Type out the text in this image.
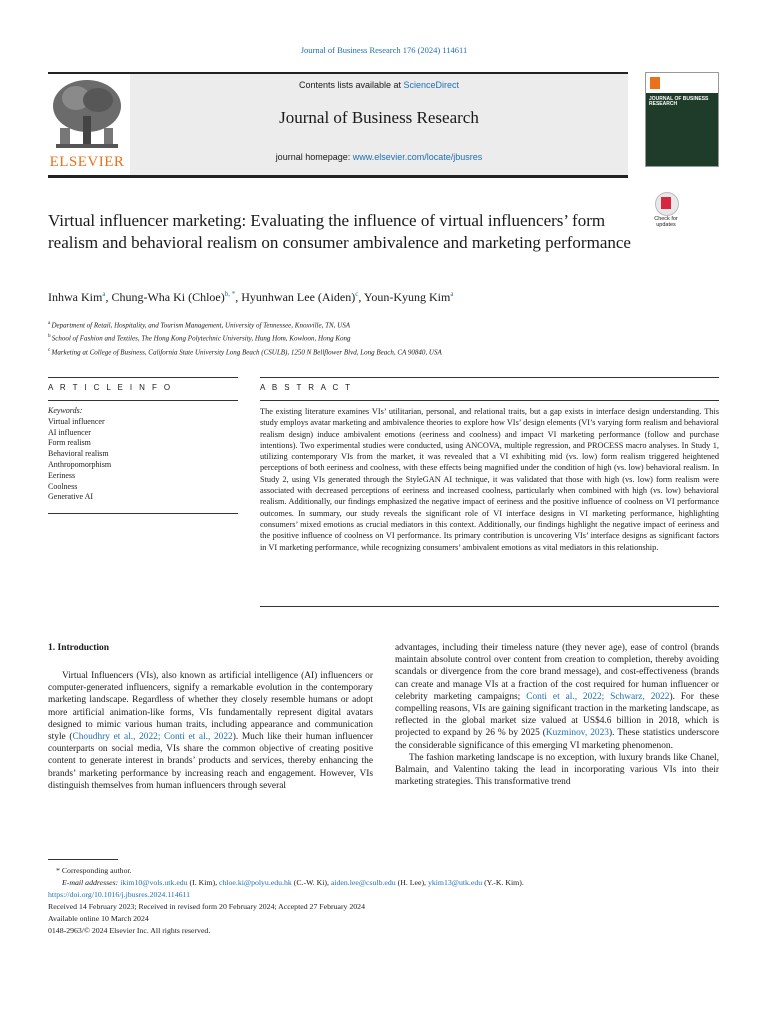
Journal of Business Research 176 (2024) 114611
ELSEVIER
Contents lists available at ScienceDirect
Journal of Business Research
journal homepage: www.elsevier.com/locate/jbusres
JOURNAL OF BUSINESS RESEARCH
Check for
updates
Virtual influencer marketing: Evaluating the influence of virtual influencers’ form realism and behavioral realism on consumer ambivalence and marketing performance
Inhwa Kim$^a$, Chung-Wha Ki (Chloe)$^{b, *}$, Hyunhwan Lee (Aiden)$^c$, Youn-Kyung Kim$^a$
$^a$ Department of Retail, Hospitality, and Tourism Management, University of Tennessee, Knoxville, TN, USA
$^b$ School of Fashion and Textiles, The Hong Kong Polytechnic University, Hung Hom, Kowloon, Hong Kong
$^c$ Marketing at College of Business, California State University Long Beach (CSULB), 1250 N Bellflower Blvd, Long Beach, CA 90840, USA
A R T I C L E I N F O	A B S T R A C T
Keywords:
Virtual influencer
AI influencer
Form realism
Behavioral realism
Anthropomorphism
Eeriness
Coolness
Generative AI
The existing literature examines VIs’ utilitarian, personal, and relational traits, but a gap exists in interface design understanding. This study employs avatar marketing and ambivalence theories to explore how VIs’ design elements (VI’s varying form realism and behavioral realism design) induce ambivalent emotions (eeriness and coolness) and impact VI marketing performance (follow and purchase intentions). Two experimental studies were conducted, using ANCOVA, multiple regression, and PROCESS macro analyses. In Study 1, utilizing contemporary VIs from the market, it was revealed that a VI exhibiting mid (vs. low) form realism triggered heightened perceptions of both eeriness and coolness, with these effects being magnified under the condition of high (vs. low) behavioral realism. In Study 2, using VIs generated through the StyleGAN AI technique, it was validated that those with high (vs. low) form realism were associated with decreased perceptions of eeriness and increased coolness, particularly when combined with high (vs. low) behavioral realism. Additionally, our findings emphasized the negative impact of eeriness and the positive influence of coolness on VI performance outcomes. In summary, our study reveals the significant role of VI interface designs in VI marketing performance, highlighting consumers’ mixed emotions as crucial mediators in this context. Additionally, our findings highlight the negative impact of eeriness and the positive influence of coolness on VI performance. Its primary contribution is uncovering VIs’ interface designs as significant factors in VI marketing performance, while recognizing consumers’ ambivalent emotions as vital mediators in this relationship.
1. Introduction

Virtual Influencers (VIs), also known as artificial intelligence (AI) influencers or computer-generated influencers, signify a remarkable evolution in the contemporary marketing landscape. Regardless of whether they closely resemble humans or adopt more artificial animation-like forms, VIs fundamentally represent digital avatars designed to mimic various human traits, including appearance and communication style (Choudhry et al., 2022; Conti et al., 2022). Much like their human influencer counterparts on social media, VIs share the common objective of creating positive content to generate interest in brands’ products and services, thereby enhancing the brands’ marketing performance by increasing reach and engagement. However, VIs distinguish themselves from human influencers through several

advantages, including their timeless nature (they never age), ease of control (brands maintain absolute control over content from creation to completion, thereby avoiding scandals or divergence from the core brand message), and cost-effectiveness (brands can create and manage VIs at a fraction of the cost required for human influencer or celebrity marketing campaigns; Conti et al., 2022; Schwarz, 2022). For these compelling reasons, VIs are gaining significant traction in the marketing landscape, as reflected in the global market size valued at US$4.6 billion in 2018, which is projected to expand by 26 % by 2025 (Kuzminov, 2023). These statistics underscore the considerable significance of this emerging VI marketing phenomenon.

The fashion marketing landscape is no exception, with luxury brands like Chanel, Balmain, and Valentino taking the lead in incorporating various VIs into their marketing strategies. This transformative trend

* Corresponding author.
E-mail addresses: ikim10@vols.utk.edu (I. Kim), chloe.ki@polyu.edu.hk (C.-W. Ki), aiden.lee@csulb.edu (H. Lee), ykim13@utk.edu (Y.-K. Kim).
https://doi.org/10.1016/j.jbusres.2024.114611
Received 14 February 2023; Received in revised form 20 February 2024; Accepted 27 February 2024
Available online 10 March 2024
0148-2963/© 2024 Elsevier Inc. All rights reserved.
